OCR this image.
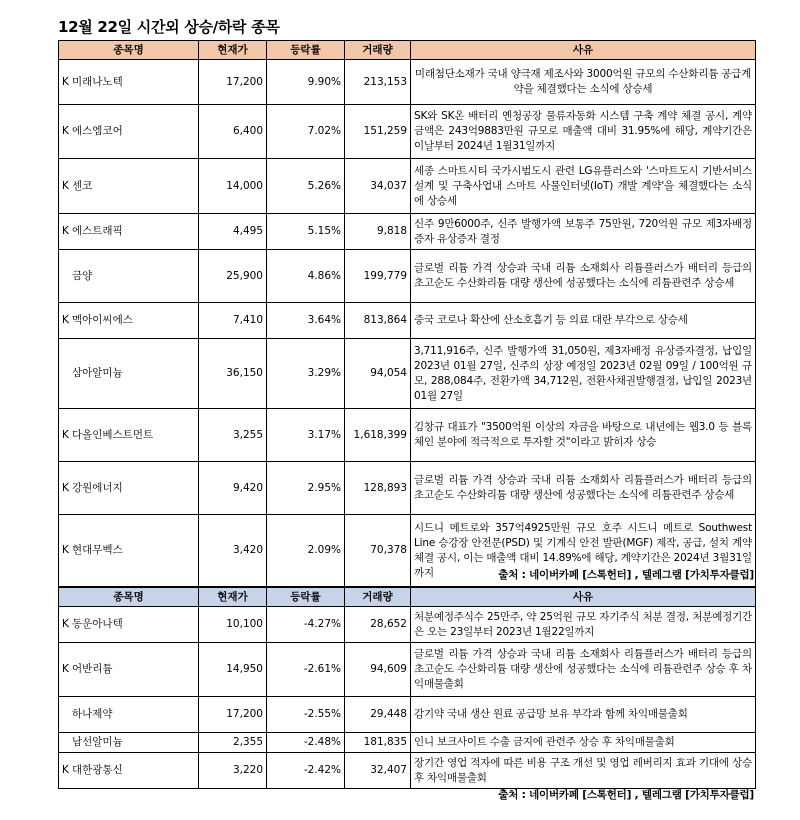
12월 22일 시간외 상승/하락 종목
종목명	현재가	등락률	거래량	사유
K 미래나노텍	17,200	9.90%	213,153	미래첨단소재가 국내 양극재 제조사와 3000억원 규모의 수산화리튬 공급계약을 체결했다는 소식에 상승세
K 에스엠코어	6,400	7.02%	151,259	SK와 SK온 배터리 옌청공장 물류자동화 시스템 구축 계약 체결 공시, 계약금액은 243억9883만원 규모로 매출액 대비 31.95%에 해당, 계약기간은 이날부터 2024년 1월31일까지
K 센코	14,000	5.26%	34,037	세종 스마트시티 국가시범도시 관련 LG유플러스와 '스마트도시 기반서비스 설계 및 구축사업내 스마트 사물인터넷(IoT) 개발 계약'을 체결했다는 소식에 상승세
K 에스트래픽	4,495	5.15%	9,818	신주 9만6000주, 신주 발행가액 보통주 75만원, 720억원 규모 제3자배정증자 유상증자 결정
금양	25,900	4.86%	199,779	글로벌 리튬 가격 상승과 국내 리튬 소재회사 리튬플러스가 배터리 등급의 초고순도 수산화리튬 대량 생산에 성공했다는 소식에 리튬관련주 상승세
K 멕아이씨에스	7,410	3.64%	813,864	중국 코로나 확산에 산소호흡기 등 의료 대란 부각으로 상승세
삼아알미늄	36,150	3.29%	94,054	3,711,916주, 신주 발행가액 31,050원, 제3자배정 유상증자결정, 납입일 2023년 01월 27일, 신주의 상장 예정일 2023년 02월 09일 / 100억원 규모, 288,084주, 전환가액 34,712원, 전환사채권발행결정, 납입일 2023년 01월 27일
K 다올인베스트먼트	3,255	3.17%	1,618,399	김창규 대표가 "3500억원 이상의 자금을 바탕으로 내년에는 웹3.0 등 블록체인 분야에 적극적으로 투자할 것"이라고 밝히자 상승
K 강원에너지	9,420	2.95%	128,893	글로벌 리튬 가격 상승과 국내 리튬 소재회사 리튬플러스가 배터리 등급의 초고순도 수산화리튬 대량 생산에 성공했다는 소식에 리튬관련주 상승세
K 현대무벡스	3,420	2.09%	70,378	시드니 메트로와 357억4925만원 규모 호주 시드니 메트로 Southwest Line 승강장 안전문(PSD) 및 기계식 안전 발판(MGF) 제작, 공급, 설치 계약 체결 공시, 이는 매출액 대비 14.89%에 해당, 계약기간은 2024년 3월31일까지	출처 : 네이버카페 [스톡헌터] , 텔레그램 [가치투자클럽]
종목명	현재가	등락률	거래량	사유
K 동운아나텍	10,100	-4.27%	28,652	처분예정주식수 25만주, 약 25억원 규모 자기주식 처분 결정, 처분예정기간은 오는 23일부터 2023년 1월22일까지
K 어반리튬	14,950	-2.61%	94,609	글로벌 리튬 가격 상승과 국내 리튬 소재회사 리튬플러스가 배터리 등급의 초고순도 수산화리튬 대량 생산에 성공했다는 소식에 리튬관련주 상승 후 차익매물출회
하나제약	17,200	-2.55%	29,448	감기약 국내 생산 원료 공급망 보유 부각과 함께 차익매물출회
남선알미늄	2,355	-2.48%	181,835	인니 보크사이트 수출 금지에 관련주 상승 후 차익매물출회
K 대한광통신	3,220	-2.42%	32,407	장기간 영업 적자에 따른 비용 구조 개선 및 영업 레버리지 효과 기대에 상승 후 차익매물출회
출처 : 네이버카페 [스톡헌터] , 텔레그램 [가치투자클럽]
